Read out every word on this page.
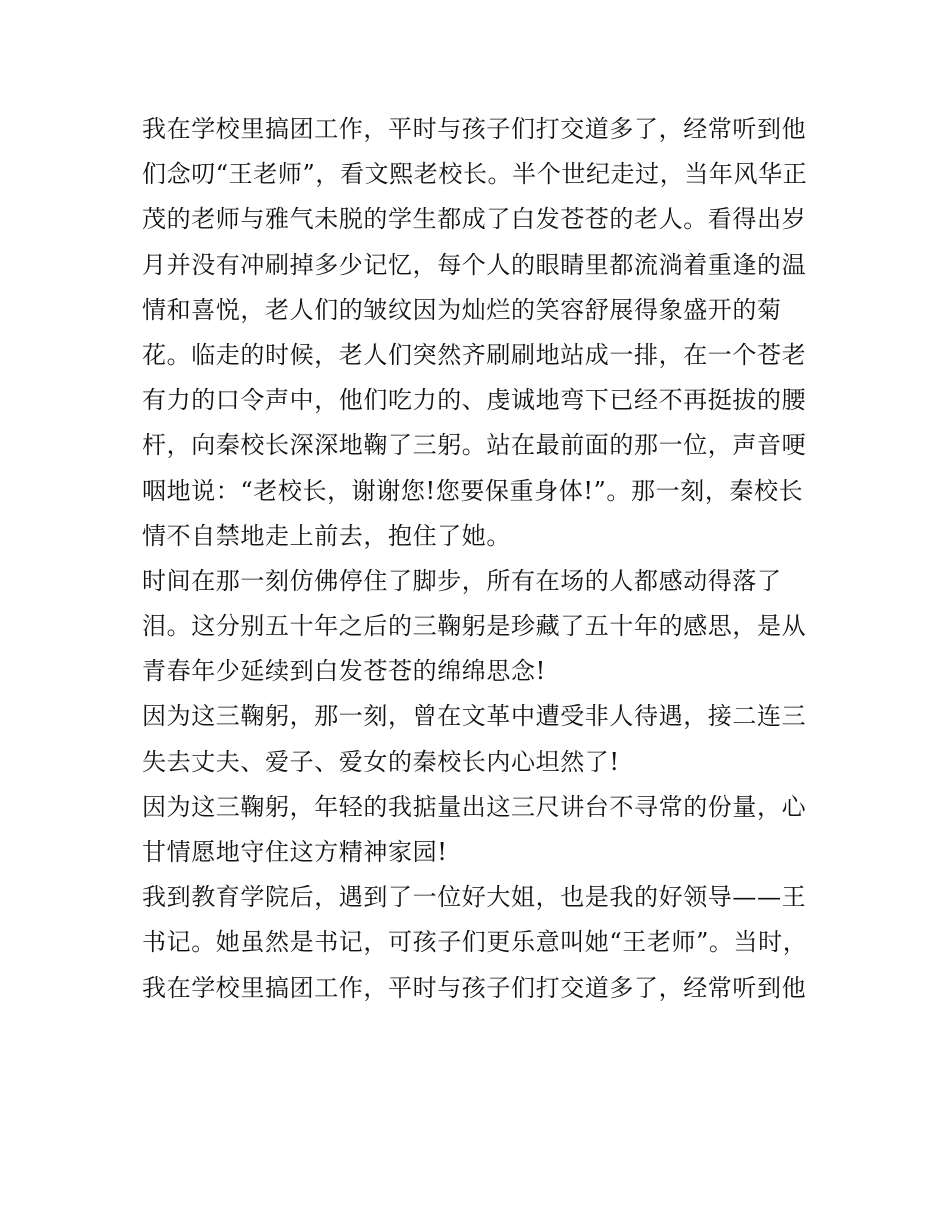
我在学校里搞团工作，平时与孩子们打交道多了，经常听到他
们念叨“王老师”，看文熙老校长。半个世纪走过，当年风华正
茂的老师与雅气未脱的学生都成了白发苍苍的老人。看得出岁
月并没有冲刷掉多少记忆，每个人的眼睛里都流淌着重逢的温
情和喜悦，老人们的皱纹因为灿烂的笑容舒展得象盛开的菊
花。临走的时候，老人们突然齐刷刷地站成一排，在一个苍老
有力的口令声中，他们吃力的、虔诚地弯下已经不再挺拔的腰
杆，向秦校长深深地鞠了三躬。站在最前面的那一位，声音哽
咽地说：“老校长，谢谢您!您要保重身体!”。那一刻，秦校长
情不自禁地走上前去，抱住了她。
时间在那一刻仿佛停住了脚步，所有在场的人都感动得落了
泪。这分别五十年之后的三鞠躬是珍藏了五十年的感思，是从
青春年少延续到白发苍苍的绵绵思念!
因为这三鞠躬，那一刻，曾在文革中遭受非人待遇，接二连三
失去丈夫、爱子、爱女的秦校长内心坦然了!
因为这三鞠躬，年轻的我掂量出这三尺讲台不寻常的份量，心
甘情愿地守住这方精神家园!
我到教育学院后，遇到了一位好大姐，也是我的好领导——王
书记。她虽然是书记，可孩子们更乐意叫她“王老师”。当时，
我在学校里搞团工作，平时与孩子们打交道多了，经常听到他
